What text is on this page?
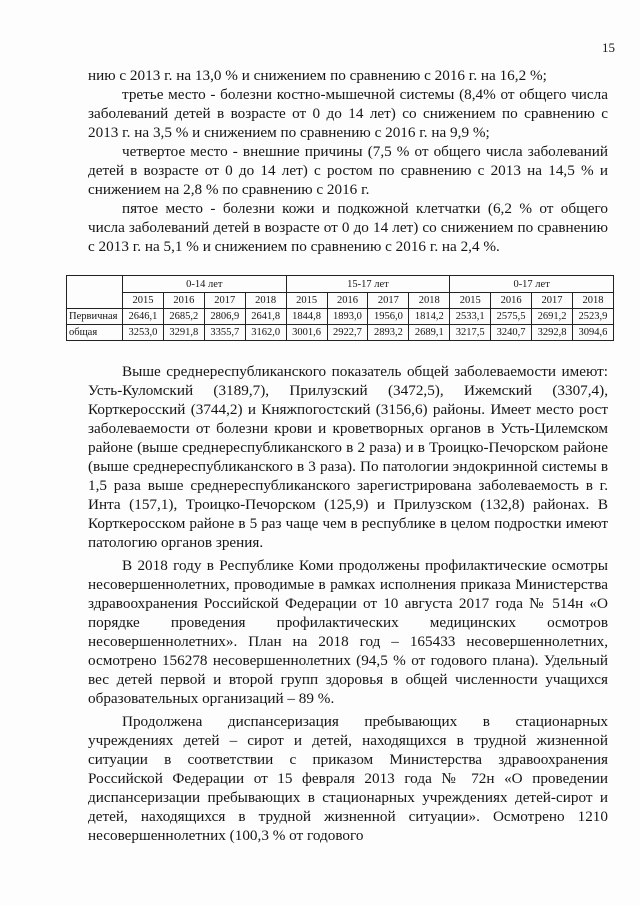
15

нию с 2013 г. на 13,0 % и снижением по сравнению с 2016 г. на 16,2 %;

третье место - болезни костно-мышечной системы (8,4% от общего числа заболеваний детей в возрасте от 0 до 14 лет) со снижением по сравнению с 2013 г. на 3,5 % и снижением по сравнению с 2016 г. на 9,9 %;

четвертое место - внешние причины (7,5 % от общего числа заболеваний детей в возрасте от 0 до 14 лет) с ростом по сравнению с 2013 на 14,5 % и снижением на 2,8 % по сравнению с 2016 г.

пятое место - болезни кожи и подкожной клетчатки (6,2 % от общего числа заболеваний детей в возрасте от 0 до 14 лет) со снижением по сравнению с 2013 г. на 5,1 % и снижением по сравнению с 2016 г. на 2,4 %.

	0-14 лет				15-17 лет				0-17 лет			
	2015	2016	2017	2018	2015	2016	2017	2018	2015	2016	2017	2018
Первичная	2646,1	2685,2	2806,9	2641,8	1844,8	1893,0	1956,0	1814,2	2533,1	2575,5	2691,2	2523,9
общая	3253,0	3291,8	3355,7	3162,0	3001,6	2922,7	2893,2	2689,1	3217,5	3240,7	3292,8	3094,6

Выше среднереспубликанского показатель общей заболеваемости имеют: Усть-Куломский (3189,7), Прилузский (3472,5), Ижемский (3307,4), Корткеросский (3744,2) и Княжпогостский (3156,6) районы. Имеет место рост заболеваемости от болезни крови и кроветворных органов в Усть-Цилемском районе (выше среднереспубликанского в 2 раза) и в Троицко-Печорском районе (выше среднереспубликанского в 3 раза). По патологии эндокринной системы в 1,5 раза выше среднереспубликанского зарегистрирована заболеваемость в г. Инта (157,1), Троицко-Печорском (125,9) и Прилузском (132,8) районах. В Корткеросском районе в 5 раз чаще чем в республике в целом подростки имеют патологию органов зрения.

В 2018 году в Республике Коми продолжены профилактические осмотры несовершеннолетних, проводимые в рамках исполнения приказа Министерства здравоохранения Российской Федерации от 10 августа 2017 года № 514н «О порядке проведения профилактических медицинских осмотров несовершеннолетних». План на 2018 год – 165433 несовершеннолетних, осмотрено 156278 несовершеннолетних (94,5 % от годового плана). Удельный вес детей первой и второй групп здоровья в общей численности учащихся образовательных организаций – 89 %.

Продолжена диспансеризация пребывающих в стационарных учреждениях детей – сирот и детей, находящихся в трудной жизненной ситуации в соответствии с приказом Министерства здравоохранения Российской Федерации от 15 февраля 2013 года № 72н «О проведении диспансеризации пребывающих в стационарных учреждениях детей-сирот и детей, находящихся в трудной жизненной ситуации». Осмотрено 1210 несовершеннолетних (100,3 % от годового
